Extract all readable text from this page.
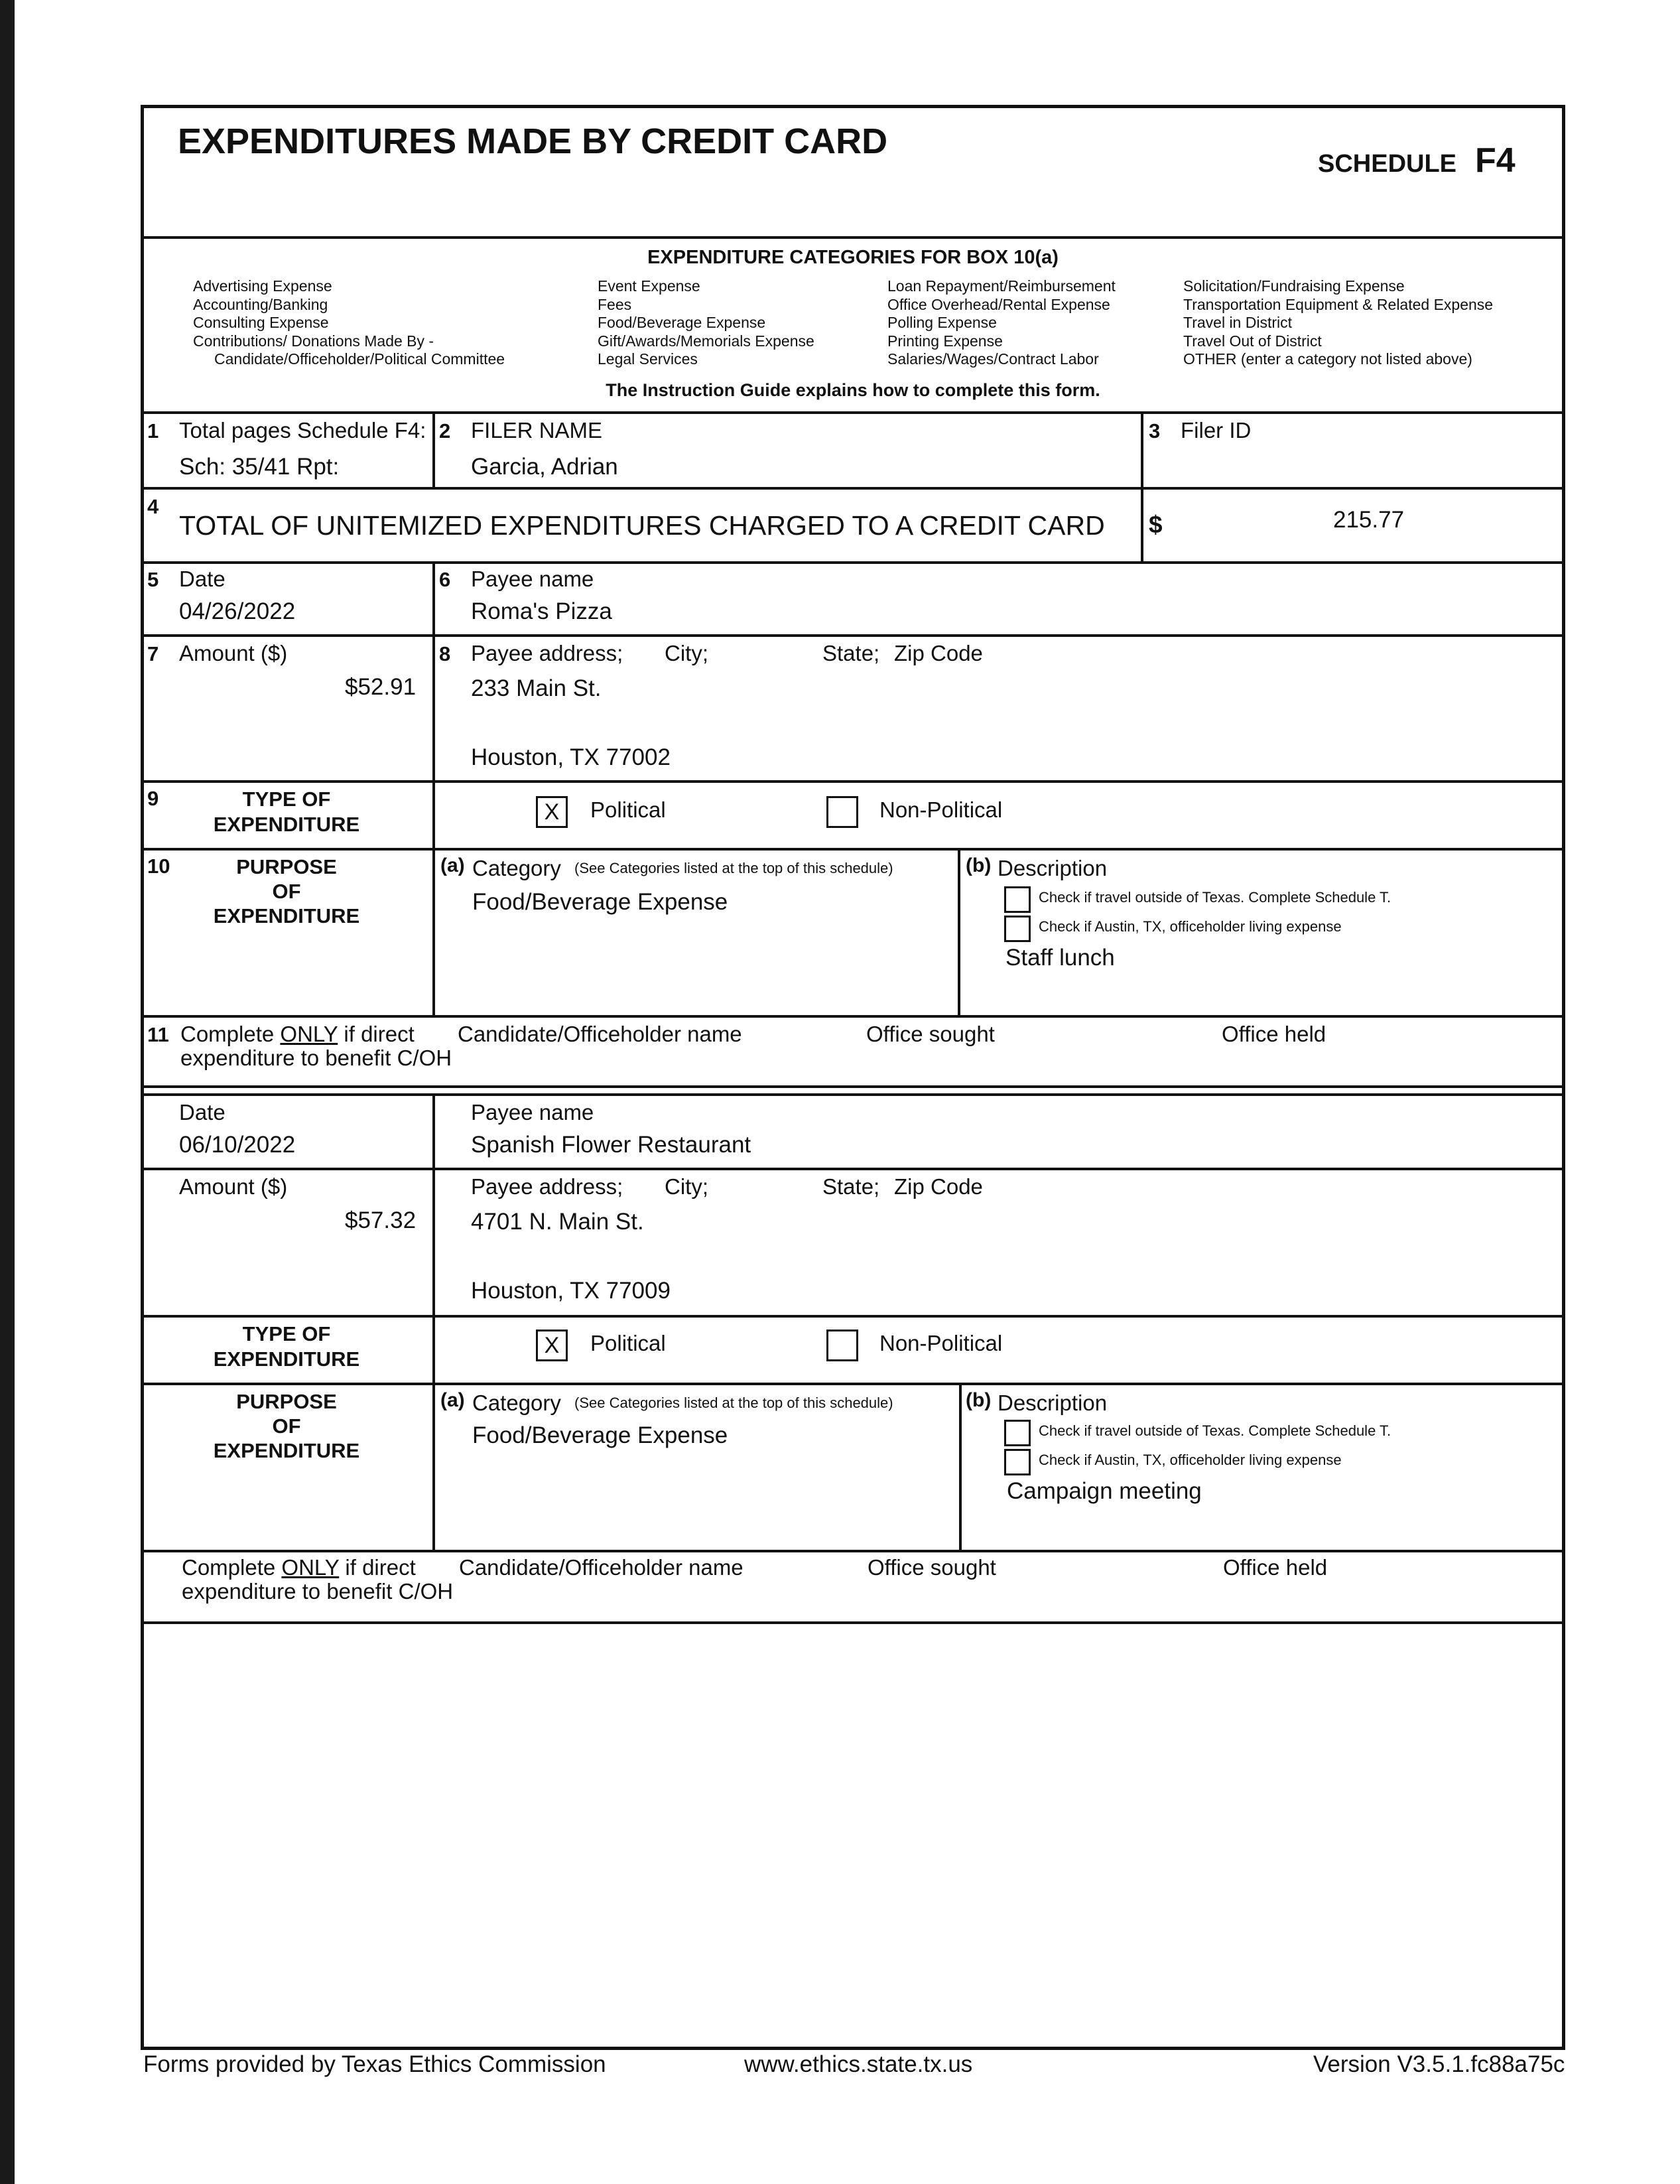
EXPENDITURES MADE BY CREDIT CARD
SCHEDULE F4
EXPENDITURE CATEGORIES FOR BOX 10(a)
Advertising Expense
Accounting/Banking
Consulting Expense
Contributions/ Donations Made By -
Candidate/Officeholder/Political Committee
Event Expense
Fees
Food/Beverage Expense
Gift/Awards/Memorials Expense
Legal Services
Loan Repayment/Reimbursement
Office Overhead/Rental Expense
Polling Expense
Printing Expense
Salaries/Wages/Contract Labor
Solicitation/Fundraising Expense
Transportation Equipment & Related Expense
Travel in District
Travel Out of District
OTHER (enter a category not listed above)
The Instruction Guide explains how to complete this form.
1 Total pages Schedule F4:
Sch: 35/41 Rpt:
2 FILER NAME
Garcia, Adrian
3 Filer ID
4
TOTAL OF UNITEMIZED EXPENDITURES CHARGED TO A CREDIT CARD $	215.77
5 Date
04/26/2022
6 Payee name
Roma's Pizza
7 Amount ($)
$52.91
8 Payee address; City;	State; Zip Code
233 Main St.
Houston, TX 77002
9	TYPE OF
EXPENDITURE	X Political	Non-Political
10	PURPOSE
OF
EXPENDITURE
(a) Category (See Categories listed at the top of this schedule)
Food/Beverage Expense
(b) Description
Check if travel outside of Texas. Complete Schedule T.
Check if Austin, TX, officeholder living expense
Staff lunch
11 Complete ONLY if direct
expenditure to benefit C/OH
Candidate/Officeholder name	Office sought	Office held
Date
06/10/2022
Payee name
Spanish Flower Restaurant
Amount ($)
$57.32
Payee address; City;	State; Zip Code
4701 N. Main St.
Houston, TX 77009
TYPE OF
EXPENDITURE
X Political	Non-Political
PURPOSE
OF
EXPENDITURE
(a) Category (See Categories listed at the top of this schedule)
Food/Beverage Expense
(b) Description
Check if travel outside of Texas. Complete Schedule T.
Check if Austin, TX, officeholder living expense
Campaign meeting
Complete ONLY if direct
expenditure to benefit C/OH
Candidate/Officeholder name	Office sought	Office held
Forms provided by Texas Ethics Commission	www.ethics.state.tx.us	Version V3.5.1.fc88a75c
